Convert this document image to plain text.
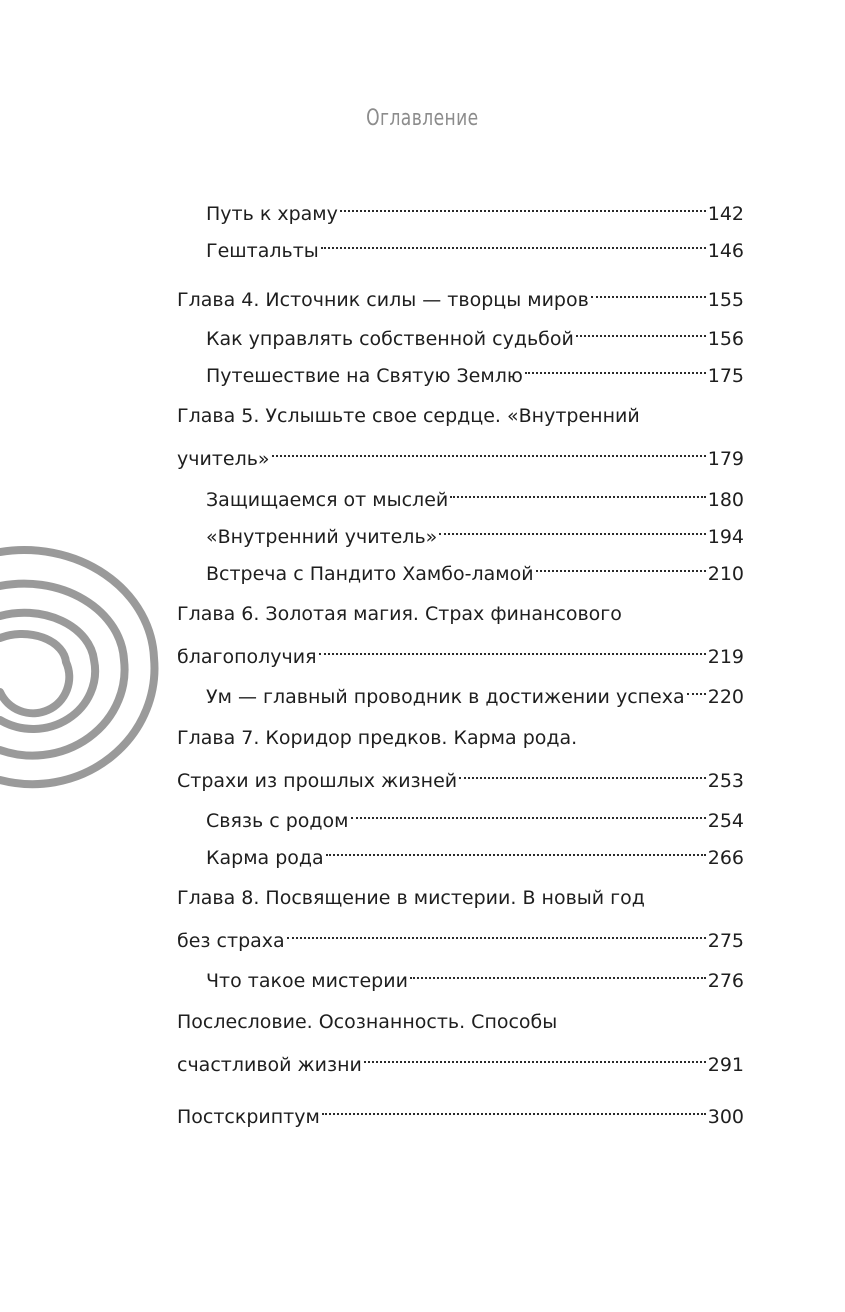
Оглавление
Путь к храму	142
Гештальты	146
Глава 4. Источник силы — творцы миров	155
Как управлять собственной судьбой	156
Путешествие на Святую Землю	175
Глава 5. Услышьте свое сердце. «Внутренний
учитель»	179
Защищаемся от мыслей	180
«Внутренний учитель»	194
Встреча с Пандито Хамбо-ламой	210
Глава 6. Золотая магия. Страх финансового
благополучия	219
Ум — главный проводник в достижении успеха 220
Глава 7. Коридор предков. Карма рода.
Страхи из прошлых жизней	253
Связь с родом	254
Карма рода	266
Глава 8. Посвящение в мистерии. В новый год
без страха	275
Что такое мистерии	276
Послесловие. Осознанность. Способы
счастливой жизни	291
Постскриптум	300
